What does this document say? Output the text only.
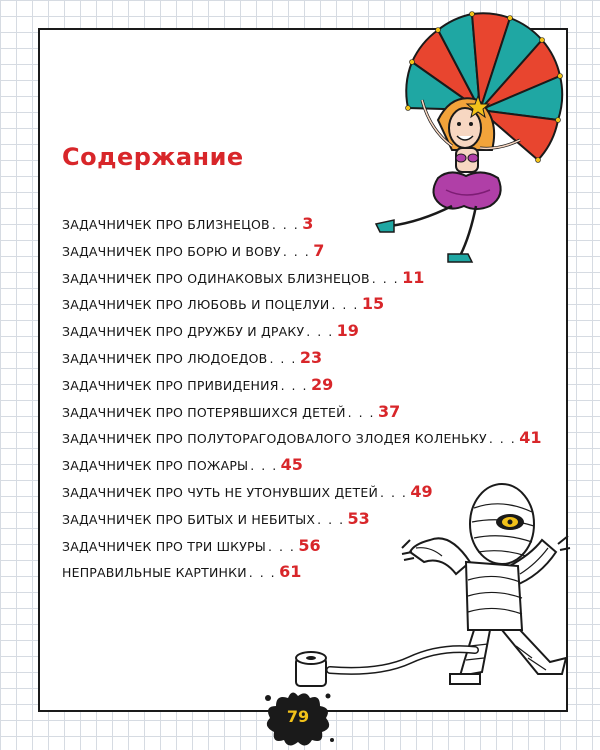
Содержание
ЗАДАЧНИЧЕК ПРО БЛИЗНЕЦОВ . . . 3
ЗАДАЧНИЧЕК ПРО БОРЮ И ВОВУ . . . 7
ЗАДАЧНИЧЕК ПРО ОДИНАКОВЫХ БЛИЗНЕЦОВ . . . 11
ЗАДАЧНИЧЕК ПРО ЛЮБОВЬ И ПОЦЕЛУИ . . . 15
ЗАДАЧНИЧЕК ПРО ДРУЖБУ И ДРАКУ . . . 19
ЗАДАЧНИЧЕК ПРО ЛЮДОЕДОВ . . . 23
ЗАДАЧНИЧЕК ПРО ПРИВИДЕНИЯ . . . 29
ЗАДАЧНИЧЕК ПРО ПОТЕРЯВШИХСЯ ДЕТЕЙ . . . 37
ЗАДАЧНИЧЕК ПРО ПОЛУТОРАГОДОВАЛОГО ЗЛОДЕЯ КОЛЕНЬКУ . . . 41
ЗАДАЧНИЧЕК ПРО ПОЖАРЫ . . . 45
ЗАДАЧНИЧЕК ПРО ЧУТЬ НЕ УТОНУВШИХ ДЕТЕЙ . . . 49
ЗАДАЧНИЧЕК ПРО БИТЫХ И НЕБИТЫХ . . . 53
ЗАДАЧНИЧЕК ПРО ТРИ ШКУРЫ . . . 56
НЕПРАВИЛЬНЫЕ КАРТИНКИ . . . 61
79
